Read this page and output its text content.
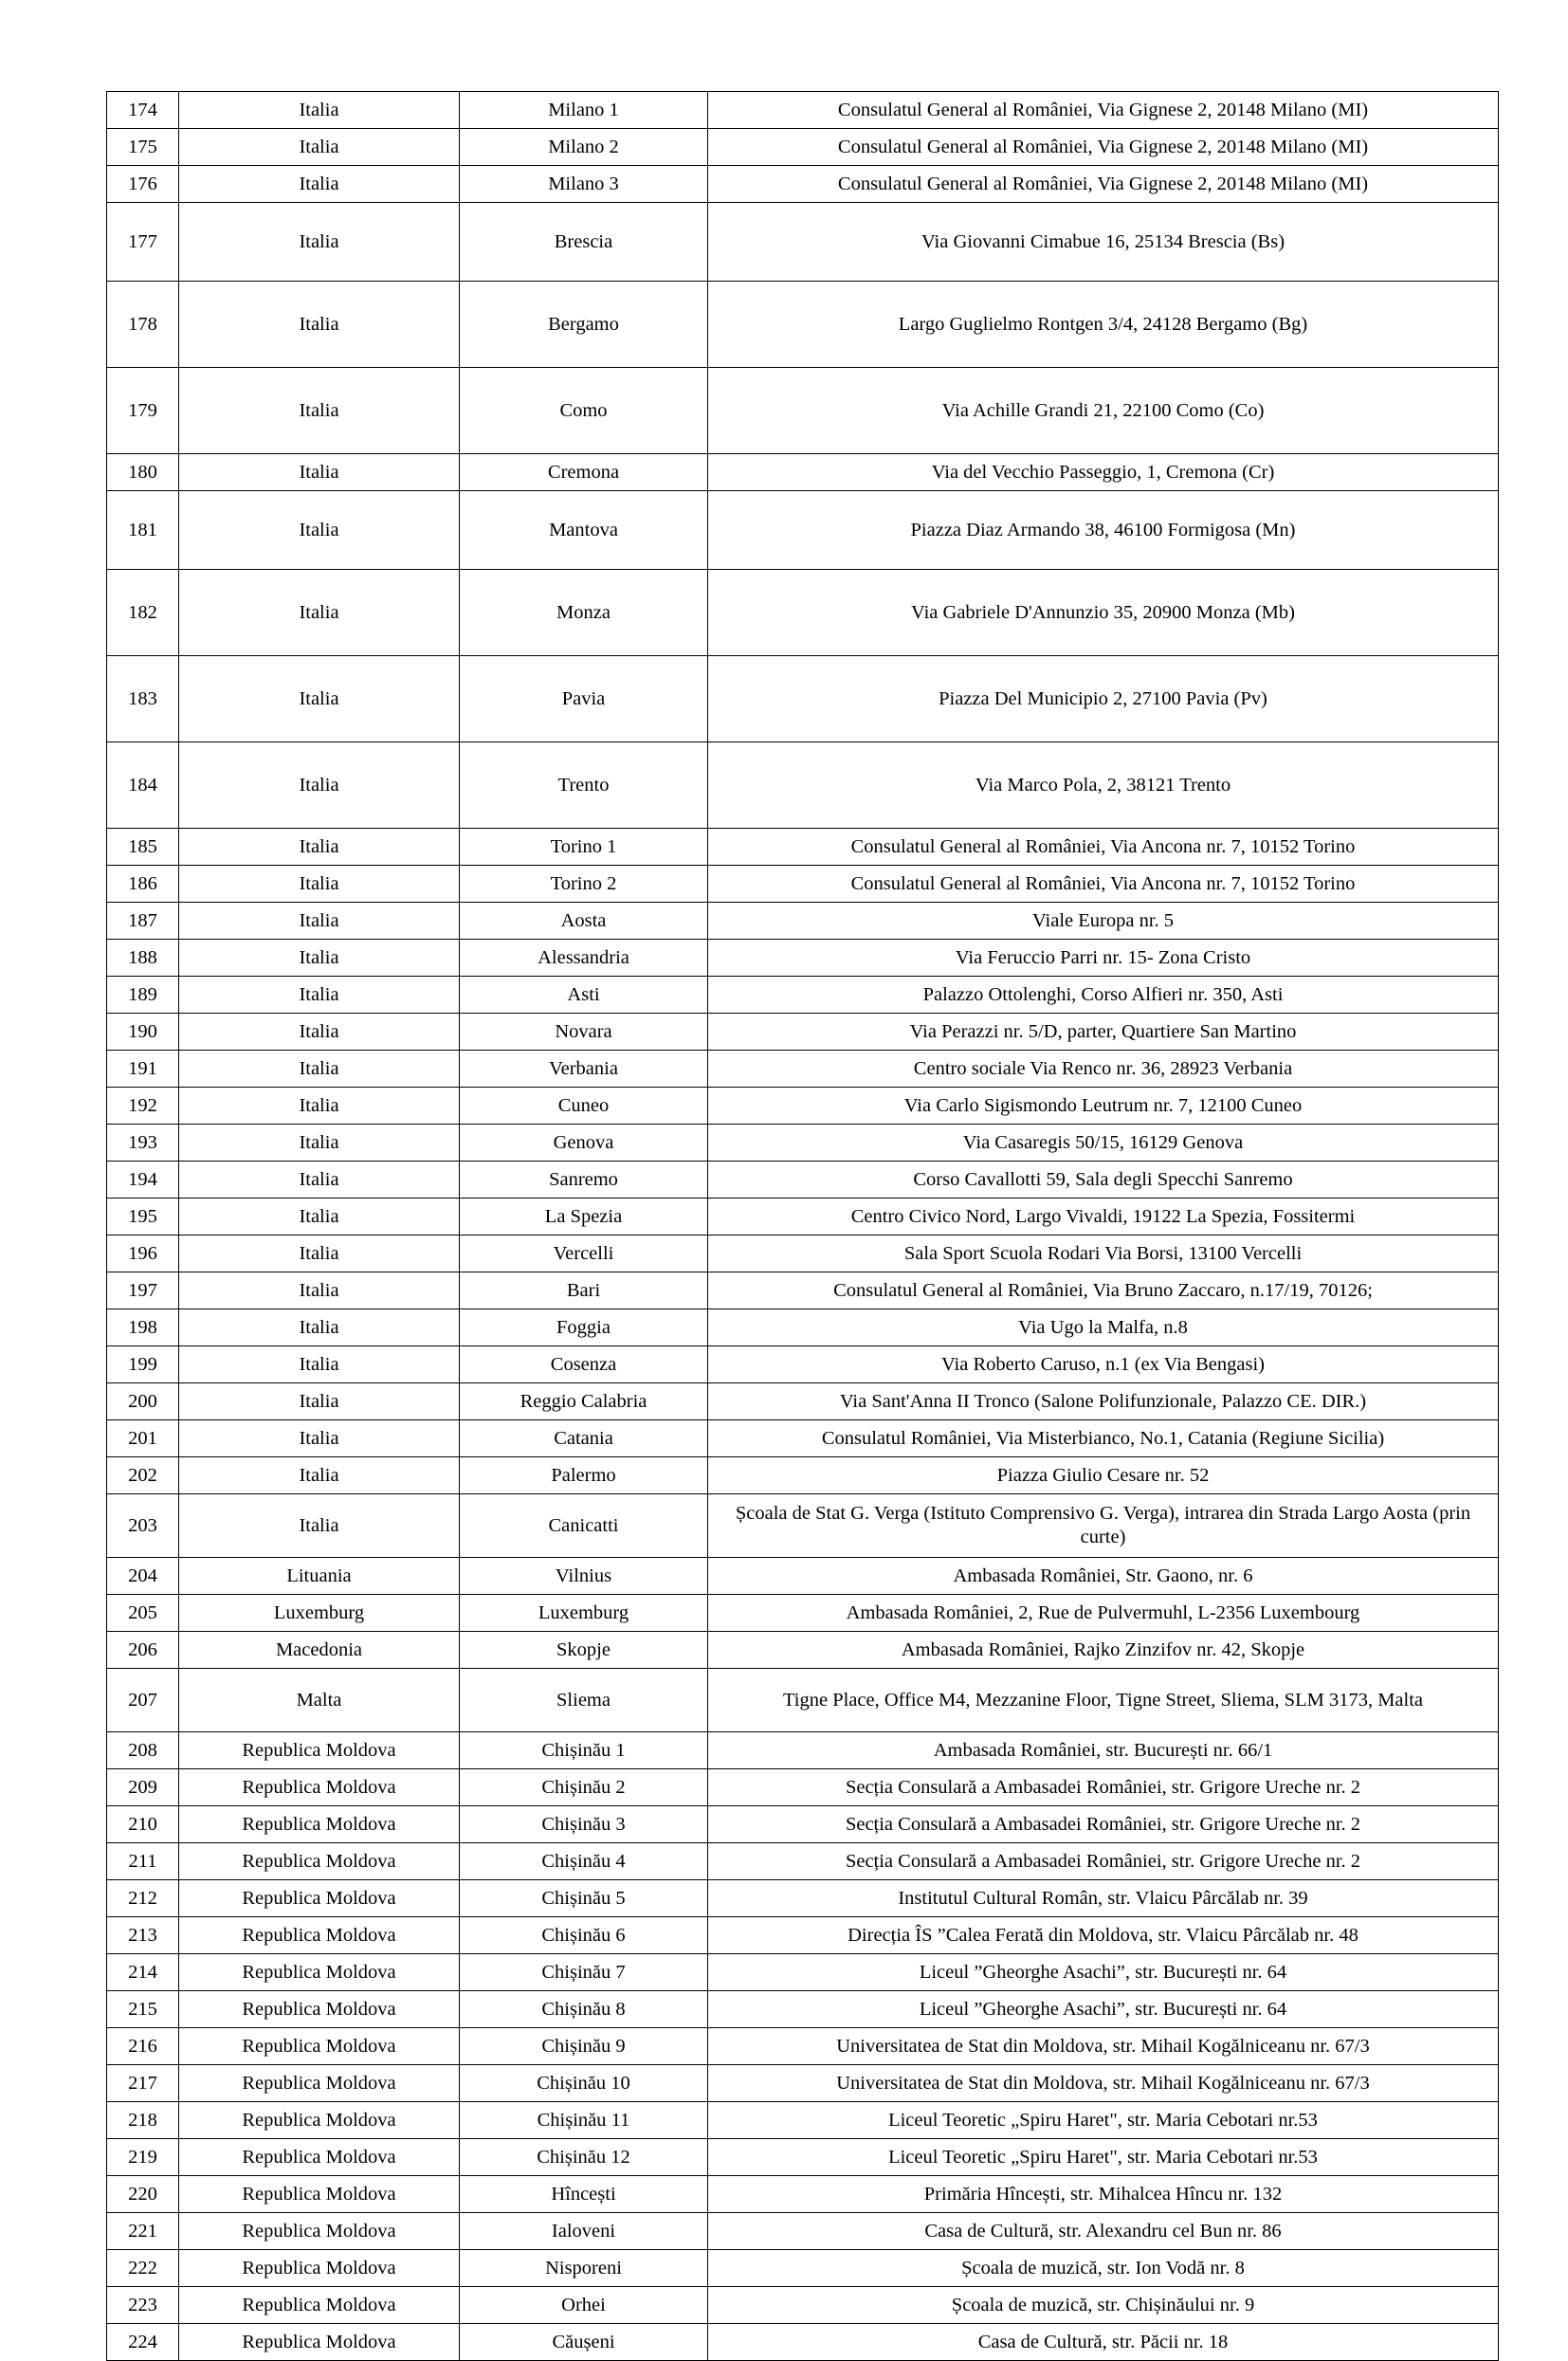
174	Italia	Milano 1	Consulatul General al României, Via Gignese 2, 20148 Milano (MI)
175	Italia	Milano 2	Consulatul General al României, Via Gignese 2, 20148 Milano (MI)
176	Italia	Milano 3	Consulatul General al României, Via Gignese 2, 20148 Milano (MI)
177	Italia	Brescia	Via Giovanni Cimabue 16, 25134 Brescia (Bs)
178	Italia	Bergamo	Largo Guglielmo Rontgen 3/4, 24128 Bergamo (Bg)
179	Italia	Como	Via Achille Grandi 21, 22100 Como (Co)
180	Italia	Cremona	Via del Vecchio Passeggio, 1, Cremona (Cr)
181	Italia	Mantova	Piazza Diaz Armando 38, 46100 Formigosa (Mn)
182	Italia	Monza	Via Gabriele D'Annunzio 35, 20900 Monza (Mb)
183	Italia	Pavia	Piazza Del Municipio 2, 27100 Pavia (Pv)
184	Italia	Trento	Via Marco Pola, 2, 38121 Trento
185	Italia	Torino 1	Consulatul General al României, Via Ancona nr. 7, 10152 Torino
186	Italia	Torino 2	Consulatul General al României, Via Ancona nr. 7, 10152 Torino
187	Italia	Aosta	Viale Europa nr. 5
188	Italia	Alessandria	Via Feruccio Parri nr. 15- Zona Cristo
189	Italia	Asti	Palazzo Ottolenghi, Corso Alfieri nr. 350, Asti
190	Italia	Novara	Via Perazzi nr. 5/D, parter, Quartiere San Martino
191	Italia	Verbania	Centro sociale Via Renco nr. 36, 28923 Verbania
192	Italia	Cuneo	Via Carlo Sigismondo Leutrum nr. 7, 12100 Cuneo
193	Italia	Genova	Via Casaregis 50/15, 16129 Genova
194	Italia	Sanremo	Corso Cavallotti 59, Sala degli Specchi Sanremo
195	Italia	La Spezia	Centro Civico Nord, Largo Vivaldi, 19122 La Spezia, Fossitermi
196	Italia	Vercelli	Sala Sport Scuola Rodari Via Borsi, 13100 Vercelli
197	Italia	Bari	Consulatul General al României, Via Bruno Zaccaro, n.17/19, 70126;
198	Italia	Foggia	Via Ugo la Malfa, n.8
199	Italia	Cosenza	Via Roberto Caruso, n.1 (ex Via Bengasi)
200	Italia	Reggio Calabria	Via Sant'Anna II Tronco (Salone Polifunzionale, Palazzo CE. DIR.)
201	Italia	Catania	Consulatul României, Via Misterbianco, No.1, Catania (Regiune Sicilia)
202	Italia	Palermo	Piazza Giulio Cesare nr. 52
203	Italia	Canicatti	Școala de Stat G. Verga (Istituto Comprensivo G. Verga), intrarea din Strada Largo Aosta (prin curte)
204	Lituania	Vilnius	Ambasada României, Str. Gaono, nr. 6
205	Luxemburg	Luxemburg	Ambasada României, 2, Rue de Pulvermuhl, L-2356 Luxembourg
206	Macedonia	Skopje	Ambasada României, Rajko Zinzifov nr. 42, Skopje
207	Malta	Sliema	Tigne Place, Office M4, Mezzanine Floor, Tigne Street, Sliema, SLM 3173, Malta
208	Republica Moldova	Chișinău 1	Ambasada României, str. București nr. 66/1
209	Republica Moldova	Chișinău 2	Secția Consulară a Ambasadei României, str. Grigore Ureche nr. 2
210	Republica Moldova	Chișinău 3	Secția Consulară a Ambasadei României, str. Grigore Ureche nr. 2
211	Republica Moldova	Chișinău 4	Secția Consulară a Ambasadei României, str. Grigore Ureche nr. 2
212	Republica Moldova	Chișinău 5	Institutul Cultural Român, str. Vlaicu Pârcălab nr. 39
213	Republica Moldova	Chișinău 6	Direcția ÎS ”Calea Ferată din Moldova, str. Vlaicu Pârcălab nr. 48
214	Republica Moldova	Chișinău 7	Liceul ”Gheorghe Asachi”, str. București nr. 64
215	Republica Moldova	Chișinău 8	Liceul ”Gheorghe Asachi”, str. București nr. 64
216	Republica Moldova	Chișinău 9	Universitatea de Stat din Moldova, str. Mihail Kogălniceanu nr. 67/3
217	Republica Moldova	Chișinău 10	Universitatea de Stat din Moldova, str. Mihail Kogălniceanu nr. 67/3
218	Republica Moldova	Chișinău 11	Liceul Teoretic „Spiru Haret", str. Maria Cebotari nr.53
219	Republica Moldova	Chișinău 12	Liceul Teoretic „Spiru Haret", str. Maria Cebotari nr.53
220	Republica Moldova	Hîncești	Primăria Hîncești, str. Mihalcea Hîncu nr. 132
221	Republica Moldova	Ialoveni	Casa de Cultură, str. Alexandru cel Bun nr. 86
222	Republica Moldova	Nisporeni	Școala de muzică, str. Ion Vodă nr. 8
223	Republica Moldova	Orhei	Școala de muzică, str. Chișinăului nr. 9
224	Republica Moldova	Căușeni	Casa de Cultură, str. Păcii nr. 18
